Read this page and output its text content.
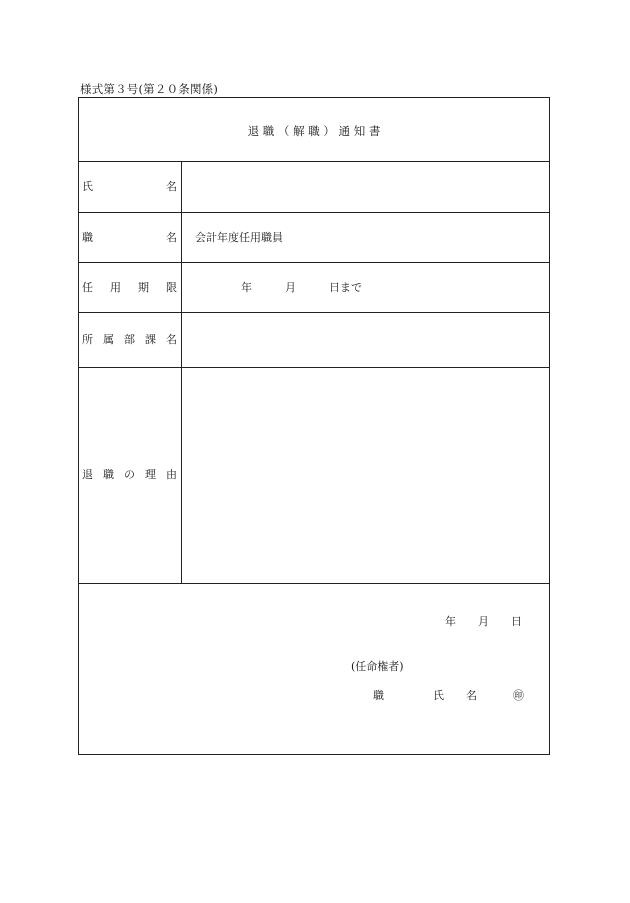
様式第３号(第２０条関係)
退 職 （ 解 職 ） 通 知 書
氏名
職名 会計年度任用職員
任用期限	年　　　月　　　日まで
所属部課名
退職の理由
年　　月　　日
(任命権者)
職	氏　　名	㊞
